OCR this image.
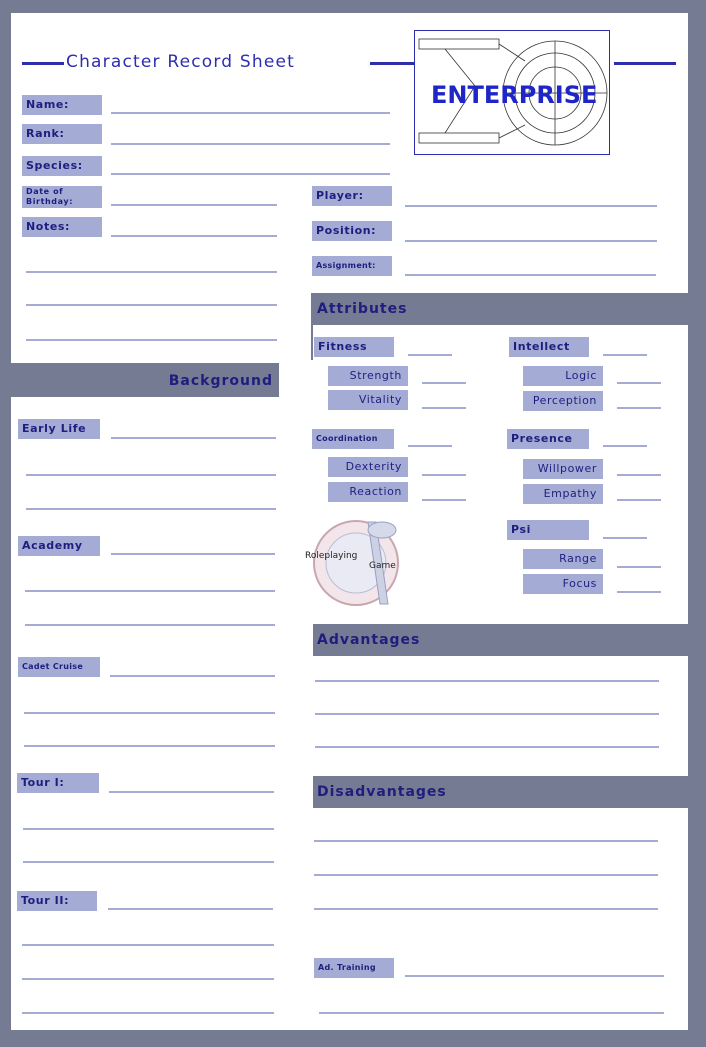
Character Record Sheet
ENTERPRISE
Name:
Rank:
Species:
Date of Birthday:
Notes:
Player:
Position:
Assignment:
Attributes
Background
Advantages
Disadvantages
Fitness
Strength
Vitality
Coordination
Dexterity
Reaction
Intellect
Logic
Perception
Presence
Willpower
Empathy
Psi
Range
Focus
Roleplaying
Game
Early Life
Academy
Cadet Cruise
Tour I:
Tour II:
Ad. Training
